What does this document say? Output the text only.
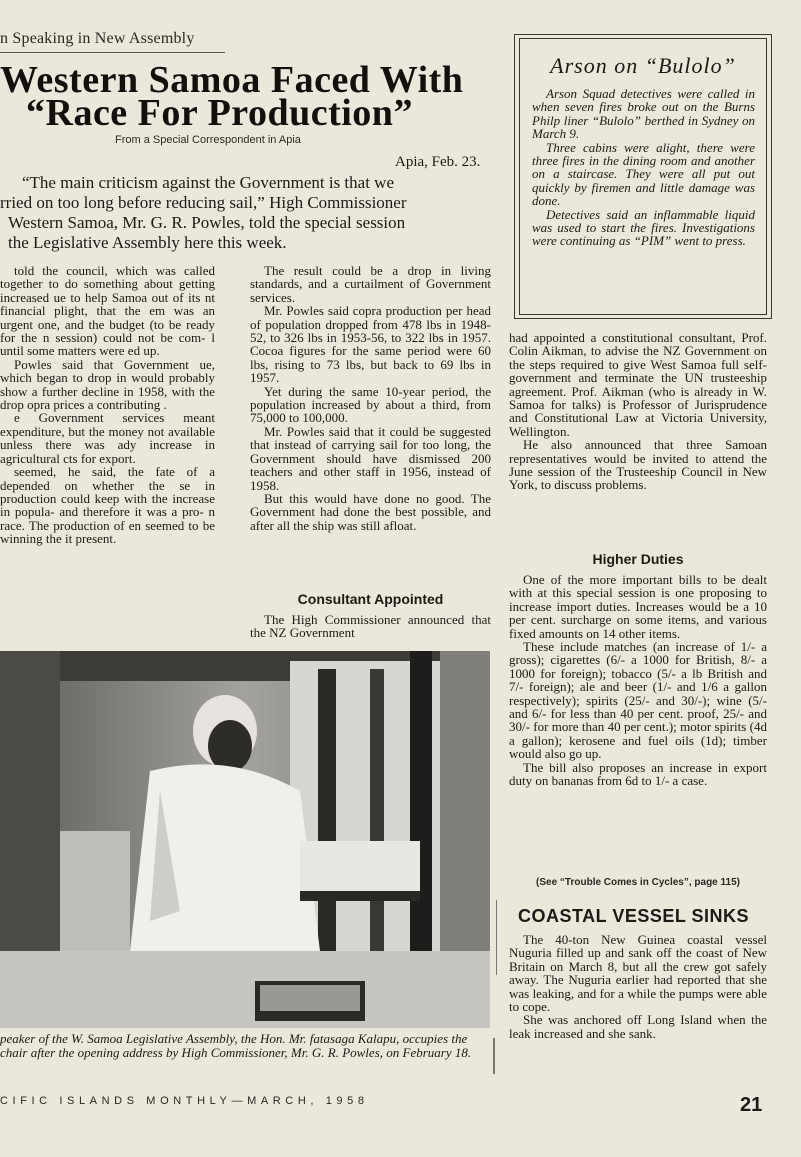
n Speaking in New Assembly
Western Samoa Faced With
“Race For Production”
From a Special Correspondent in Apia
Apia, Feb. 23.
“The main criticism against the Government is that we
rried on too long before reducing sail,” High Commissioner
Western Samoa, Mr. G. R. Powles, told the special session
the Legislative Assembly here this week.

told the council, which was called together to do something about getting increased ue to help Samoa out of its nt financial plight, that the em was an urgent one, and the budget (to be ready for the n session) could not be com- l until some matters were ed up.

Powles said that Government ue, which began to drop in would probably show a further decline in 1958, with the drop opra prices a contributing .

e Government services meant expenditure, but the money not available unless there was ady increase in agricultural cts for export.

seemed, he said, the fate of a depended on whether the se in production could keep with the increase in popula- and therefore it was a pro- n race. The production of en seemed to be winning the it present.

The result could be a drop in living standards, and a curtailment of Government services.

Mr. Powles said copra production per head of population dropped from 478 lbs in 1948-52, to 326 lbs in 1953-56, to 322 lbs in 1957. Cocoa figures for the same period were 60 lbs, rising to 73 lbs, but back to 69 lbs in 1957.

Yet during the same 10-year period, the population increased by about a third, from 75,000 to 100,000.

Mr. Powles said that it could be suggested that instead of carrying sail for too long, the Government should have dismissed 200 teachers and other staff in 1956, instead of 1958.

But this would have done no good. The Government had done the best possible, and after all the ship was still afloat.

Consultant Appointed

The High Commissioner announced that the NZ Government

Arson on “Bulolo”

Arson Squad detectives were called in when seven fires broke out on the Burns Philp liner “Bulolo” berthed in Sydney on March 9.

Three cabins were alight, there were three fires in the dining room and another on a staircase. They were all put out quickly by firemen and little damage was done.

Detectives said an inflammable liquid was used to start the fires. Investigations were continuing as “PIM” went to press.

had appointed a constitutional consultant, Prof. Colin Aikman, to advise the NZ Government on the steps required to give West Samoa full self-government and terminate the UN trusteeship agreement. Prof. Aikman (who is already in W. Samoa for talks) is Professor of Jurisprudence and Constitutional Law at Victoria University, Wellington.

He also announced that three Samoan representatives would be invited to attend the June session of the Trusteeship Council in New York, to discuss problems.

Higher Duties

One of the more important bills to be dealt with at this special session is one proposing to increase import duties. Increases would be a 10 per cent. surcharge on some items, and various fixed amounts on 14 other items.

These include matches (an increase of 1/- a gross); cigarettes (6/- a 1000 for British, 8/- a 1000 for foreign); tobacco (5/- a lb British and 7/- foreign); ale and beer (1/- and 1/6 a gallon respectively); spirits (25/- and 30/-); wine (5/- and 6/- for less than 40 per cent. proof, 25/- and 30/- for more than 40 per cent.); motor spirits (4d a gallon); kerosene and fuel oils (1d); timber would also go up.

The bill also proposes an increase in export duty on bananas from 6d to 1/- a case.

(See “Trouble Comes in Cycles”, page 115)
COASTAL VESSEL SINKS

The 40-ton New Guinea coastal vessel Nuguria filled up and sank off the coast of New Britain on March 8, but all the crew got safely away. The Nuguria earlier had reported that she was leaking, and for a while the pumps were able to cope.

She was anchored off Long Island when the leak increased and she sank.

peaker of the W. Samoa Legislative Assembly, the Hon. Mr. fatasaga Kalapu, occupies the chair after the opening address by High Commissioner, Mr. G. R. Powles, on February 18.
CIFIC ISLANDS MONTHLY—MARCH, 1958	21
